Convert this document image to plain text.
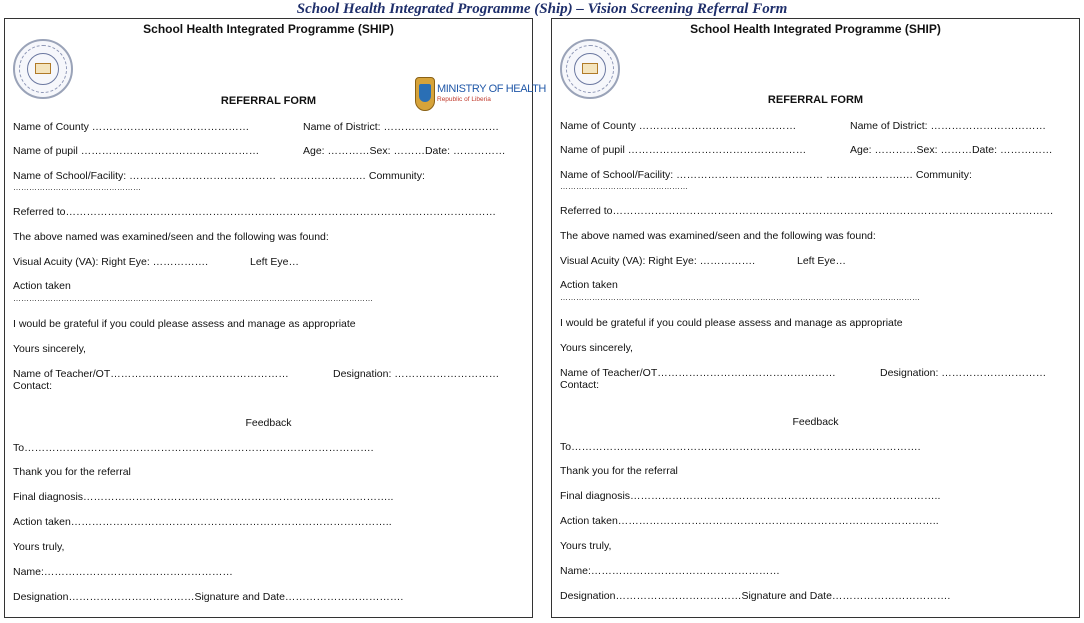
School Health Integrated Programme (Ship) – Vision Screening Referral Form
School Health Integrated Programme (SHIP)
MINISTRY OF HEALTH
Republic of Liberia
REFERRAL FORM
Name of County ………………………………………	Name of District: ……………………………
Name of pupil ……………………………………………	Age: …………Sex: ………Date: ……………
Name of School/Facility: …………………………………… ………………….… Community:
…………………………………………
Referred to……………………………………………………………………………………………………………
The above named was examined/seen and the following was found:
Visual Acuity (VA): Right Eye: …………….	Left Eye…
Action taken
………………………………………………………………………………………………………………………
I would be grateful if you could please assess and manage as appropriate
Yours sincerely,
Name of Teacher/OT……………………………………………	Designation: …………………………
Contact:
Feedback
To……………………………………………………………………………………….
Thank you for the referral
Final diagnosis……………………………………………………………………………..
Action taken………………………………………………………………………………..
Yours truly,
Name:………………………………………………
Designation………………………………Signature and Date…………………………….
School Health Integrated Programme (SHIP)
REFERRAL FORM
Name of County ………………………………………	Name of District: ……………………………
Name of pupil ……………………………………………	Age: …………Sex: ………Date: ……………
Name of School/Facility: …………………………………… ………………….… Community:
…………………………………………
Referred to………………………………………………………………………………………………………………
The above named was examined/seen and the following was found:
Visual Acuity (VA): Right Eye: …………….	Left Eye…
Action taken
………………………………………………………………………………………………………………………
I would be grateful if you could please assess and manage as appropriate
Yours sincerely,
Name of Teacher/OT……………………………………………	Designation: …………………………
Contact:
Feedback
To……………………………………………………………………………………….
Thank you for the referral
Final diagnosis……………………………………………………………………………..
Action taken………………………………………………………………………………..
Yours truly,
Name:………………………………………………
Designation………………………………Signature and Date…………………………….
